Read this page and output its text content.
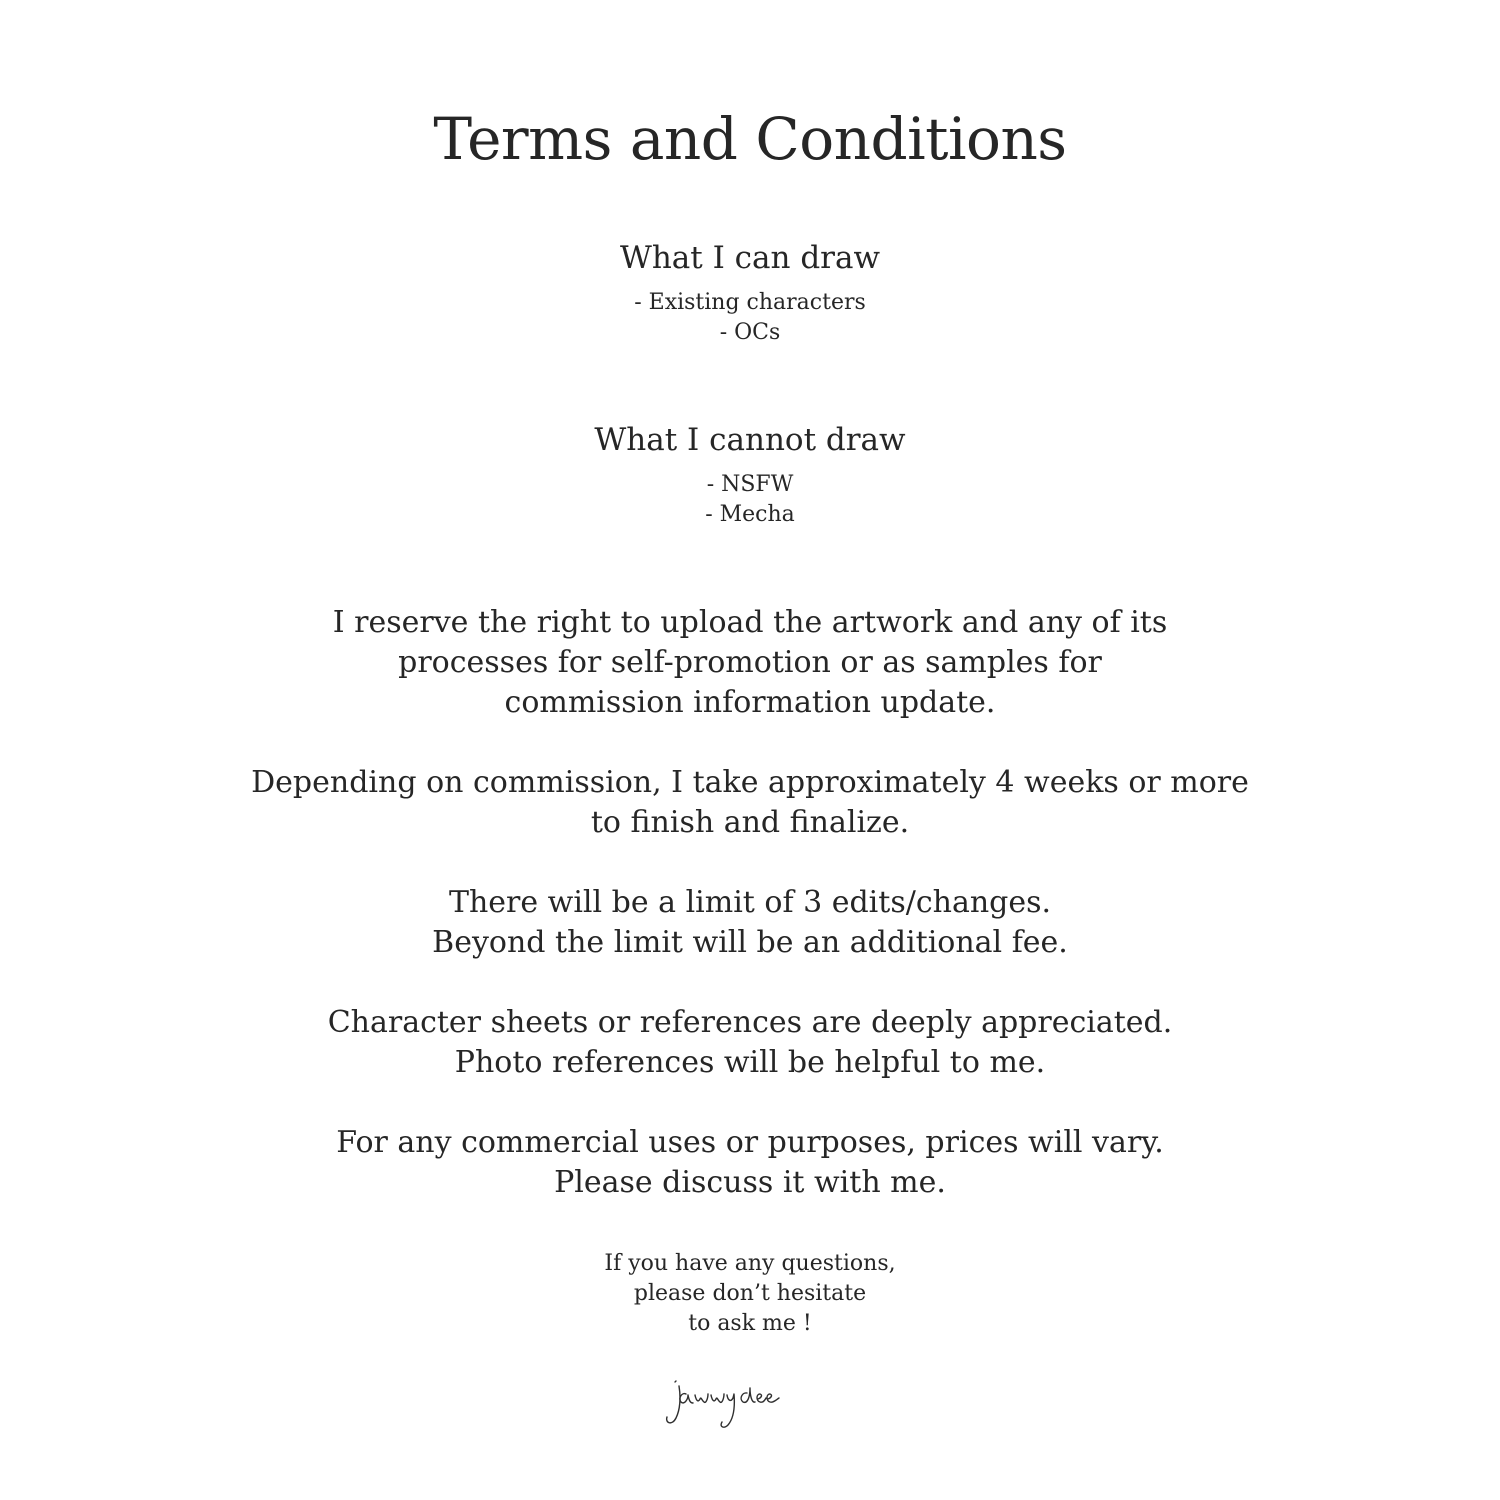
Terms and Conditions
What I can draw
- Existing characters
- OCs
What I cannot draw
- NSFW
- Mecha
I reserve the right to upload the artwork and any of its
processes for self-promotion or as samples for
commission information update.
Depending on commission, I take approximately 4 weeks or more
to finish and finalize.
There will be a limit of 3 edits/changes.
Beyond the limit will be an additional fee.
Character sheets or references are deeply appreciated.
Photo references will be helpful to me.
For any commercial uses or purposes, prices will vary.
Please discuss it with me.
If you have any questions,
please don’t hesitate
to ask me !
